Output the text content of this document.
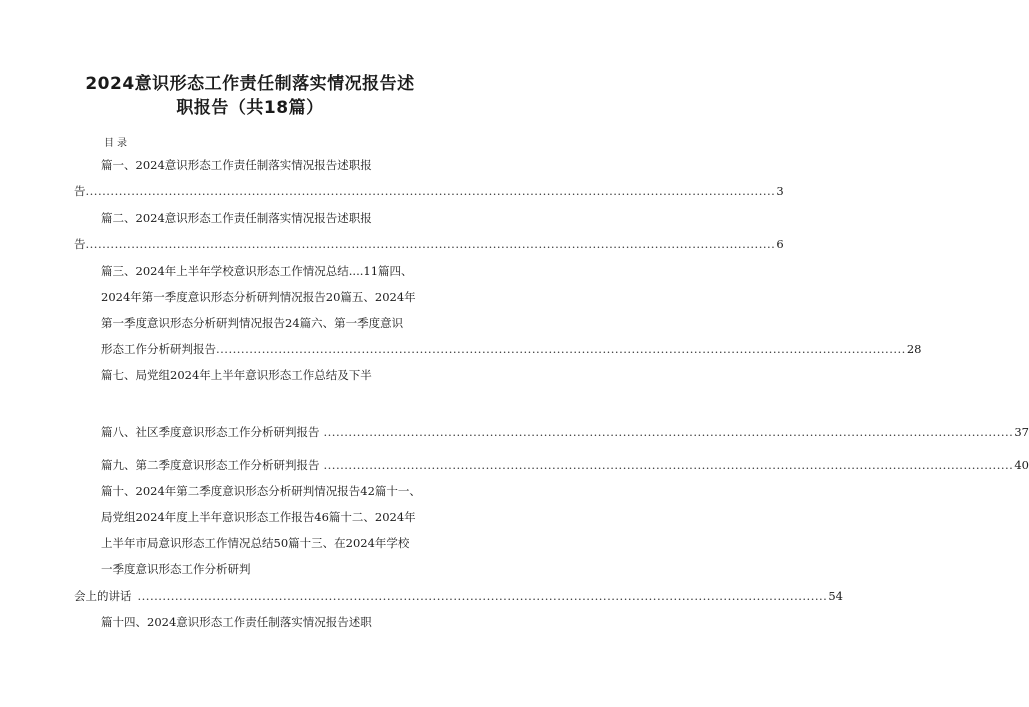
2024意识形态工作责任制落实情况报告述
职报告（共18篇）
目录
篇一、2024意识形态工作责任制落实情况报告述职报
告 ...................................................................................................................................................................... 3
篇二、2024意识形态工作责任制落实情况报告述职报
告 ...................................................................................................................................................................... 6
篇三、2024年上半年学校意识形态工作情况总结....11篇四、
2024年第一季度意识形态分析研判情况报告20篇五、2024年
第一季度意识形态分析研判情况报告24篇六、第一季度意识
形态工作分析研判报告 ...................................................................................................................................................................... 28
篇七、局党组2024年上半年意识形态工作总结及下半
篇八、社区季度意识形态工作分析研判报告 ...................................................................................................................................................................... 37
篇九、第二季度意识形态工作分析研判报告 ...................................................................................................................................................................... 40
篇十、2024年第二季度意识形态分析研判情况报告42篇十一、
局党组2024年度上半年意识形态工作报告46篇十二、2024年
上半年市局意识形态工作情况总结50篇十三、在2024年学校
一季度意识形态工作分析研判
会上的讲话 ...................................................................................................................................................................... 54
篇十四、2024意识形态工作责任制落实情况报告述职
